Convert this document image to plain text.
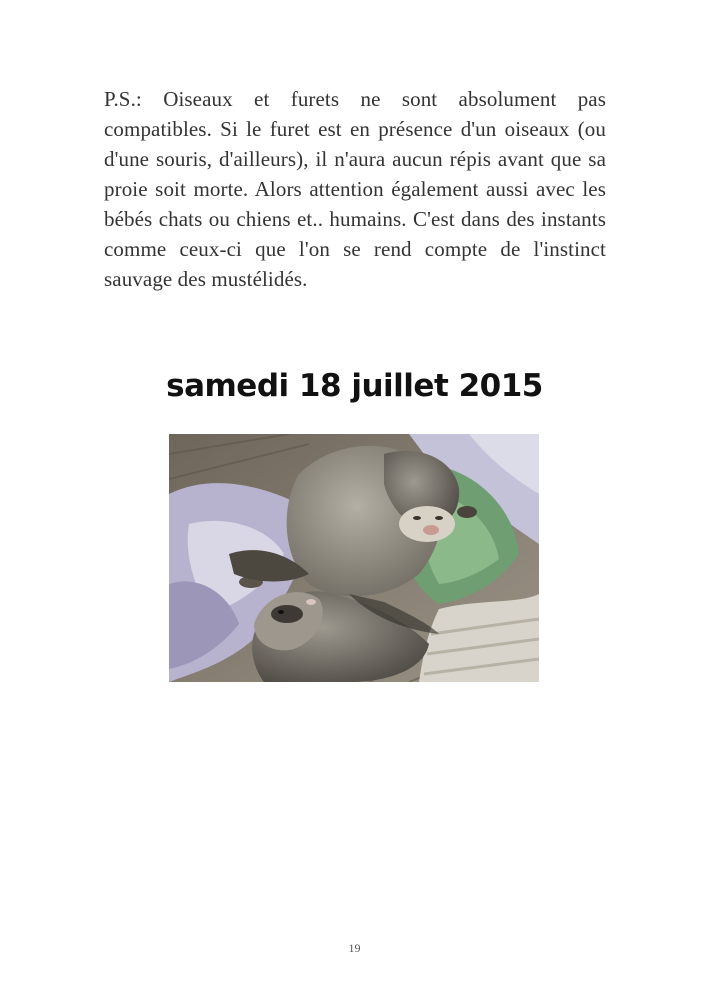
P.S.: Oiseaux et furets ne sont absolument pas compatibles. Si le furet est en présence d'un oiseaux (ou d'une souris, d'ailleurs), il n'aura aucun répis avant que sa proie soit morte. Alors attention également aussi avec les bébés chats ou chiens et.. humains. C'est dans des instants comme ceux-ci que l'on se rend compte de l'instinct sauvage des mustélidés.

samedi 18 juillet 2015
19
